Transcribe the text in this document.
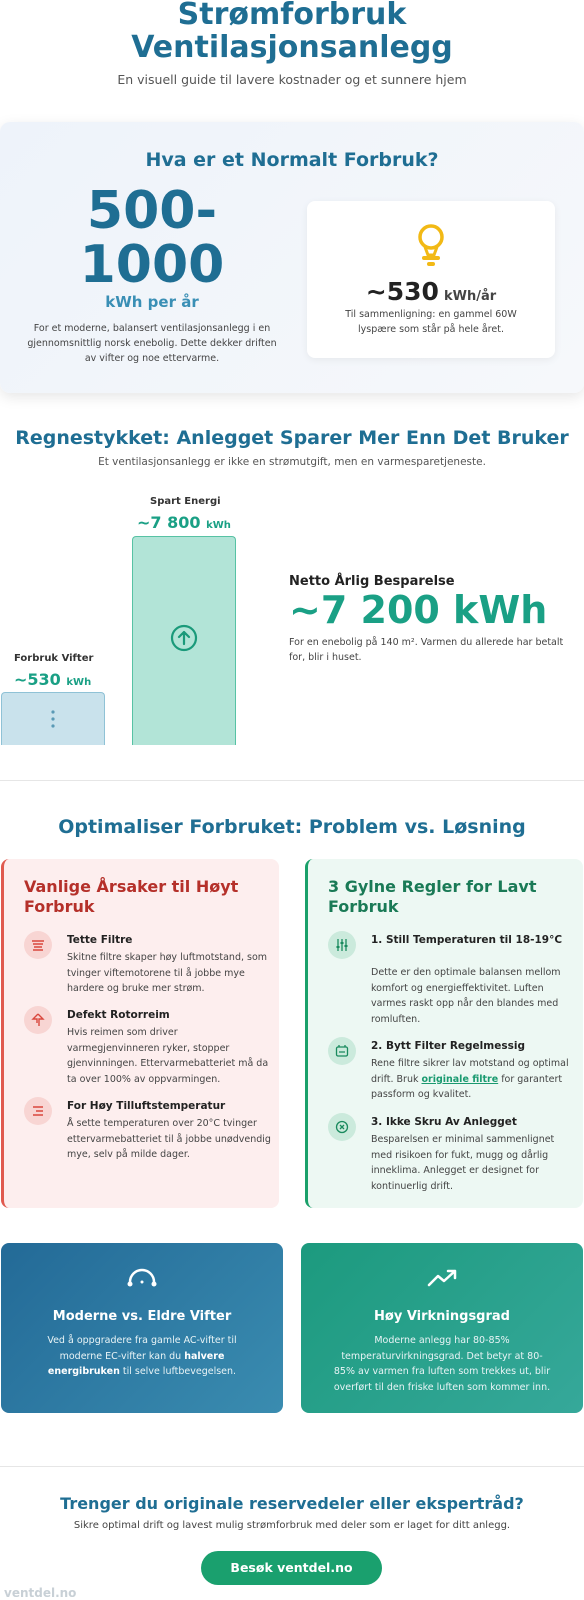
Strømforbruk
Ventilasjonsanlegg

En visuell guide til lavere kostnader og et sunnere hjem

Hva er et Normalt Forbruk?
500-
1000
kWh per år

For et moderne, balansert ventilasjonsanlegg i en gjennomsnittlig norsk enebolig. Dette dekker driften av vifter og noe ettervarme.

~530 kWh/år

Til sammenligning: en gammel 60W lyspære som står på hele året.

Regnestykket: Anlegget Sparer Mer Enn Det Bruker

Et ventilasjonsanlegg er ikke en strømutgift, men en varmesparetjeneste.

Forbruk Vifter
~530 kWh
Spart Energi
~7 800 kWh
Netto Årlig Besparelse
~7 200 kWh

For en enebolig på 140 m². Varmen du allerede har betalt for, blir i huset.

Optimaliser Forbruket: Problem vs. Løsning
Vanlige Årsaker til Høyt Forbruk
Tette Filtre
Skitne filtre skaper høy luftmotstand, som tvinger viftemotorene til å jobbe mye hardere og bruke mer strøm.
Defekt Rotorreim
Hvis reimen som driver varmegjenvinneren ryker, stopper gjenvinningen. Ettervarmebatteriet må da ta over 100% av oppvarmingen.
For Høy Tilluftstemperatur
Å sette temperaturen over 20°C tvinger ettervarmebatteriet til å jobbe unødvendig mye, selv på milde dager.
3 Gylne Regler for Lavt Forbruk
1. Still Temperaturen til 18-19°C
Dette er den optimale balansen mellom komfort og energieffektivitet. Luften varmes raskt opp når den blandes med romluften.
2. Bytt Filter Regelmessig
Rene filtre sikrer lav motstand og optimal drift. Bruk originale filtre for garantert passform og kvalitet.
3. Ikke Skru Av Anlegget
Besparelsen er minimal sammenlignet med risikoen for fukt, mugg og dårlig inneklima. Anlegget er designet for kontinuerlig drift.
Moderne vs. Eldre Vifter

Ved å oppgradere fra gamle AC-vifter til moderne EC-vifter kan du halvere energibruken til selve luftbevegelsen.

Høy Virkningsgrad

Moderne anlegg har 80-85% temperaturvirkningsgrad. Det betyr at 80-85% av varmen fra luften som trekkes ut, blir overført til den friske luften som kommer inn.

Trenger du originale reservedeler eller ekspertråd?

Sikre optimal drift og lavest mulig strømforbruk med deler som er laget for ditt anlegg.

Besøk ventdel.no
ventdel.no
